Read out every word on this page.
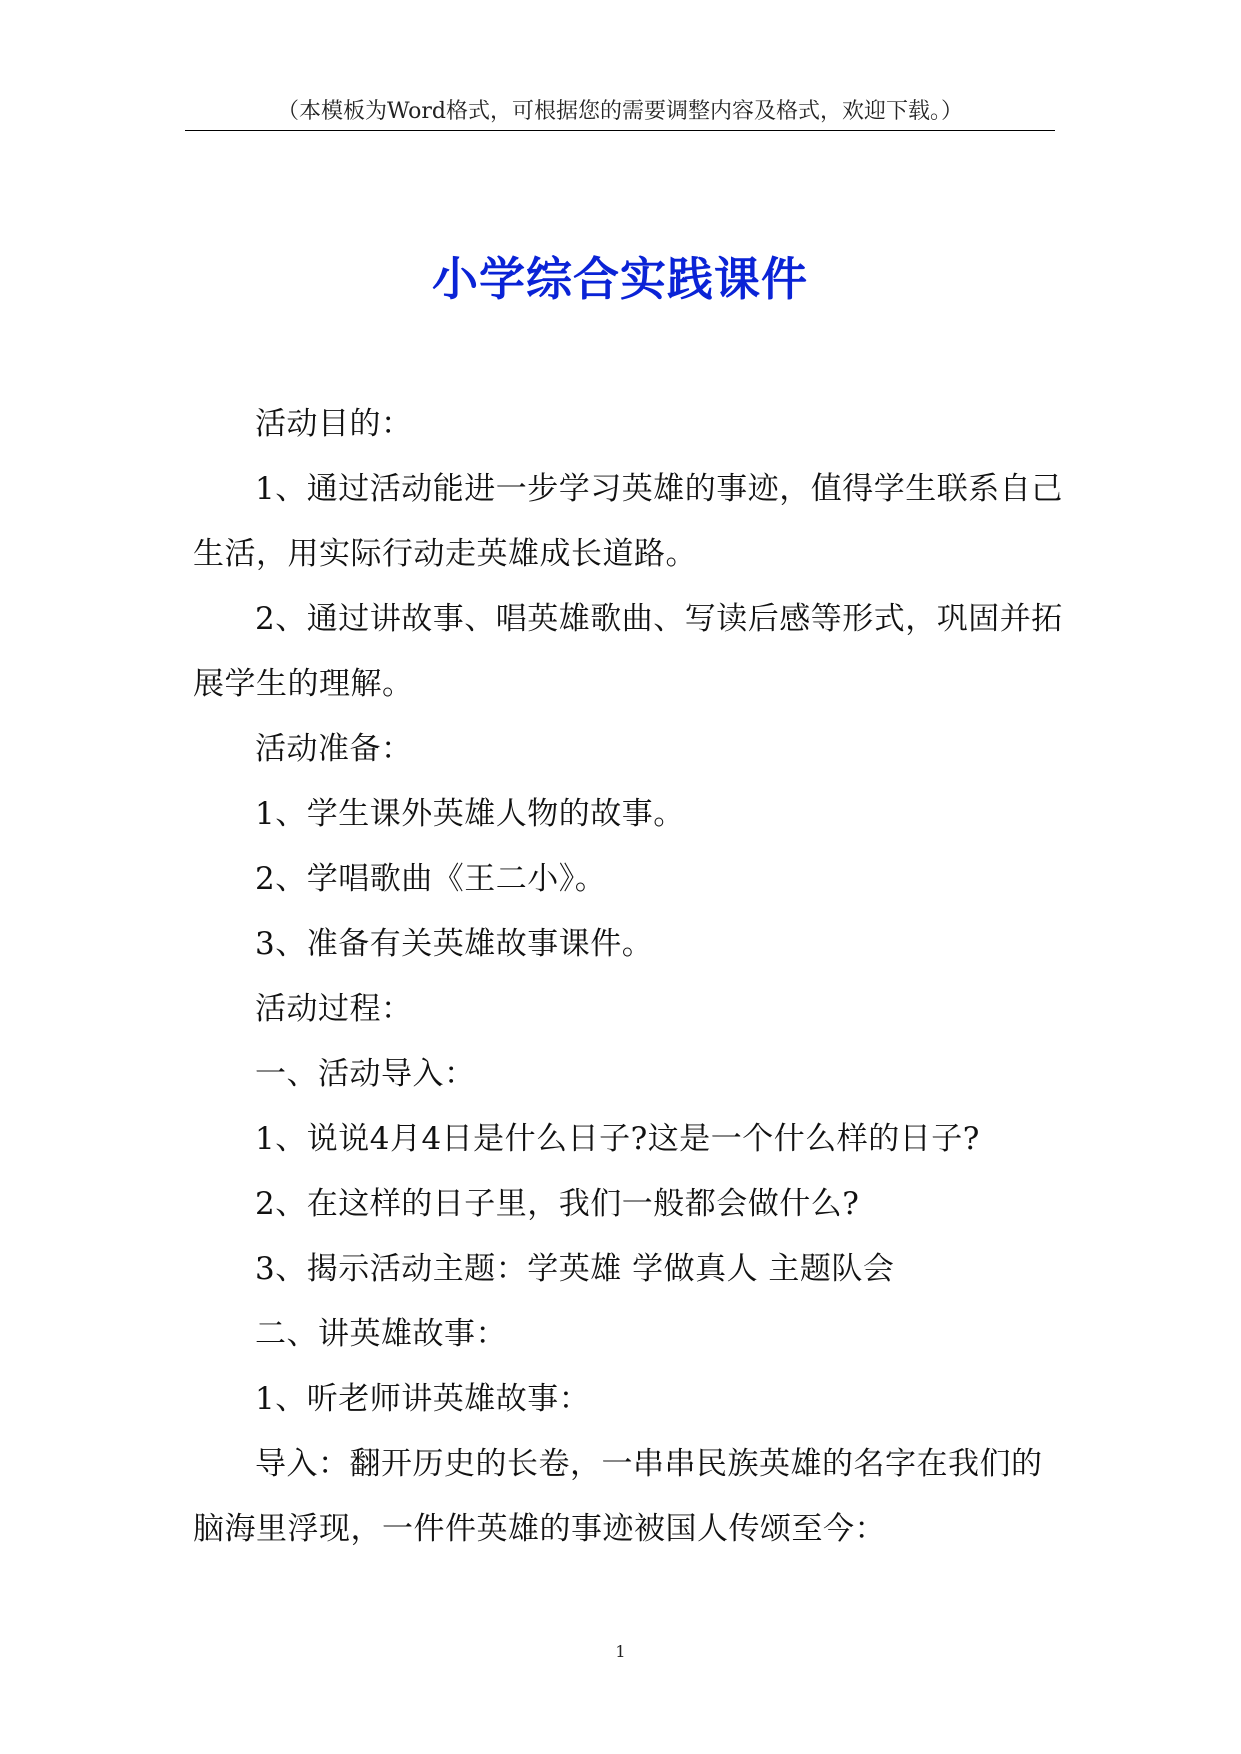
（本模板为Word格式，可根据您的需要调整内容及格式，欢迎下载。）
小学综合实践课件

活动目的：

1、通过活动能进一步学习英雄的事迹，值得学生联系自己生活，用实际行动走英雄成长道路。

2、通过讲故事、唱英雄歌曲、写读后感等形式，巩固并拓展学生的理解。

活动准备：

1、学生课外英雄人物的故事。

2、学唱歌曲《王二小》。

3、准备有关英雄故事课件。

活动过程：

一、活动导入：

1、说说4月4日是什么日子?这是一个什么样的日子?

2、在这样的日子里，我们一般都会做什么?

3、揭示活动主题：学英雄 学做真人 主题队会

二、讲英雄故事：

1、听老师讲英雄故事：

导入：翻开历史的长卷，一串串民族英雄的名字在我们的脑海里浮现，一件件英雄的事迹被国人传颂至今：

1
